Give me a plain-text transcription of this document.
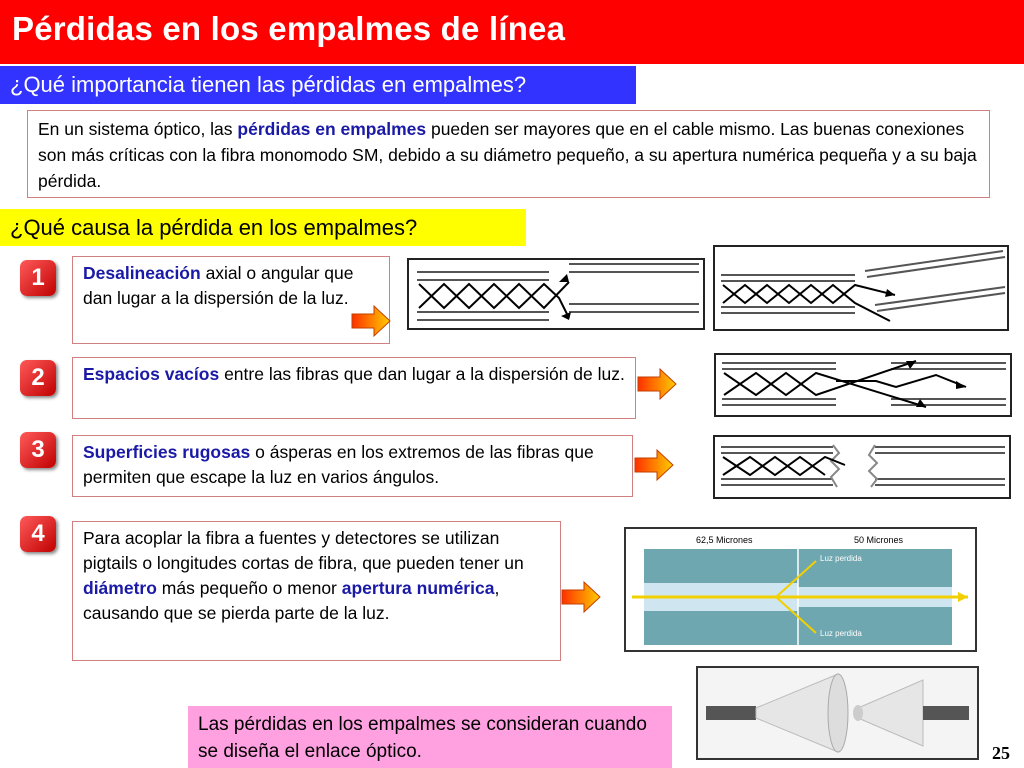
Pérdidas en los empalmes de línea
¿Qué importancia tienen las pérdidas en empalmes?
En un sistema óptico, las pérdidas en empalmes pueden ser mayores que en el cable mismo. Las buenas conexiones son más críticas con la fibra monomodo SM, debido a su diámetro pequeño, a su apertura numérica pequeña y a su baja pérdida.
¿Qué causa la pérdida en los empalmes?
1	Desalineación axial o angular que dan lugar a la dispersión de la luz.
2	Espacios vacíos entre las fibras que dan lugar a la dispersión de luz.
3	Superficies rugosas o ásperas en los extremos de las fibras que permiten que escape la luz en varios ángulos.
4	Para acoplar la fibra a fuentes y detectores se utilizan pigtails o longitudes cortas de fibra, que pueden tener un diámetro más pequeño o menor apertura numérica, causando que se pierda parte de la luz.
62,5 Micrones	50 Micrones
Luz perdida
Luz perdida
Las pérdidas en los empalmes se consideran cuando se diseña el enlace óptico.	25
